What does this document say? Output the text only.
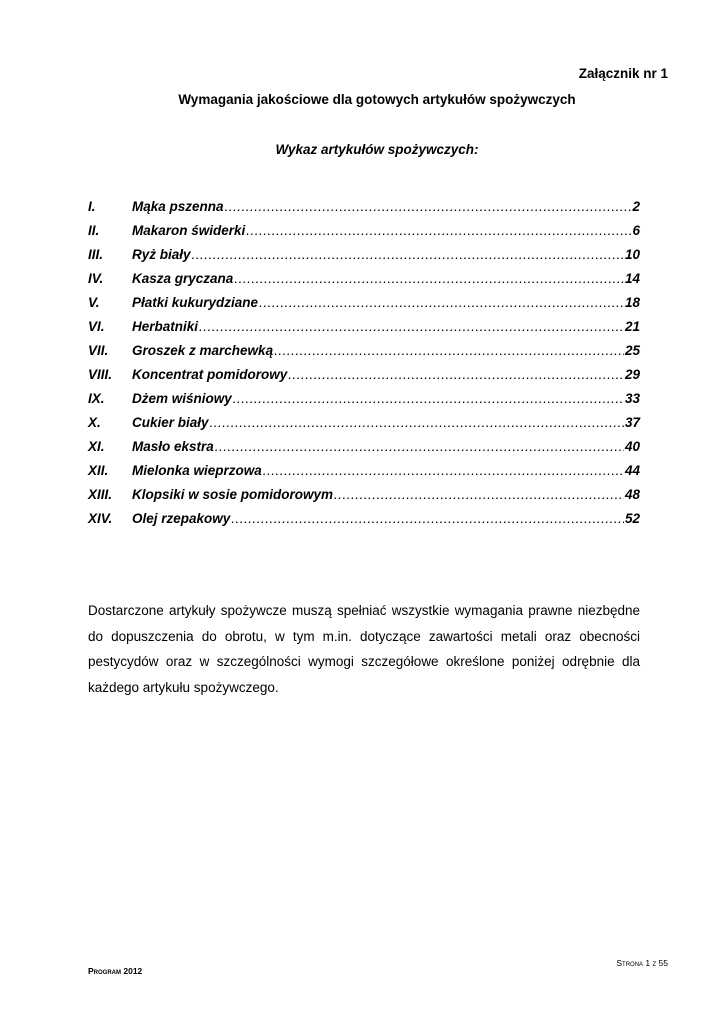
Załącznik nr 1
Wymagania jakościowe dla gotowych artykułów spożywczych
Wykaz artykułów spożywczych:
I.	Mąka pszenna .....	2
II.	Makaron świderki .....	6
III.	Ryż biały .....	10
IV.	Kasza gryczana .....	14
V.	Płatki kukurydziane .....	18
VI.	Herbatniki .....	21
VII.	Groszek z marchewką .....	25
VIII.	Koncentrat pomidorowy .....	29
IX.	Dżem wiśniowy .....	33
X.	Cukier biały .....	37
XI.	Masło ekstra .....	40
XII.	Mielonka wieprzowa .....	44
XIII.	Klopsiki w sosie pomidorowym .....	48
XIV.	Olej rzepakowy .....	52
Dostarczone artykuły spożywcze muszą spełniać wszystkie wymagania prawne niezbędne do dopuszczenia do obrotu, w tym m.in. dotyczące zawartości metali oraz obecności pestycydów oraz w szczególności wymogi szczegółowe określone poniżej odrębnie dla każdego artykułu spożywczego.
Strona 1 z 55
Program 2012
